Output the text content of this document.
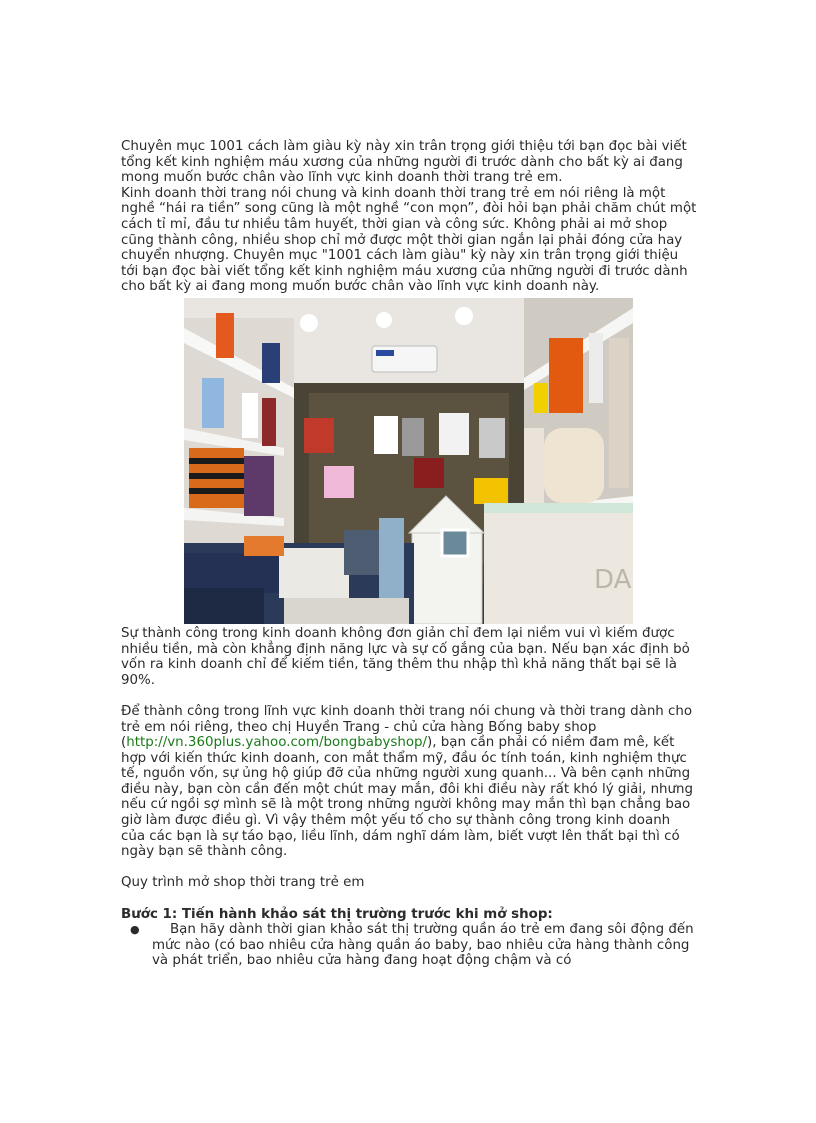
Chuyên mục 1001 cách làm giàu kỳ này xin trân trọng giới thiệu tới bạn đọc bài viết tổng kết kinh nghiệm máu xương của những người đi trước dành cho bất kỳ ai đang mong muốn bước chân vào lĩnh vực kinh doanh thời trang trẻ em.

Kinh doanh thời trang nói chung và kinh doanh thời trang trẻ em nói riêng là một nghề “hái ra tiền” song cũng là một nghề “con mọn”, đòi hỏi bạn phải chăm chút một cách tỉ mỉ, đầu tư nhiều tâm huyết, thời gian và công sức. Không phải ai mở shop cũng thành công, nhiều shop chỉ mở được một thời gian ngắn lại phải đóng cửa hay chuyển nhượng. Chuyên mục "1001 cách làm giàu" kỳ này xin trân trọng giới thiệu tới bạn đọc bài viết tổng kết kinh nghiệm máu xương của những người đi trước dành cho bất kỳ ai đang mong muốn bước chân vào lĩnh vực kinh doanh này.

DA

Sự thành công trong kinh doanh không đơn giản chỉ đem lại niềm vui vì kiếm được nhiều tiền, mà còn khẳng định năng lực và sự cố gắng của bạn. Nếu bạn xác định bỏ vốn ra kinh doanh chỉ để kiếm tiền, tăng thêm thu nhập thì khả năng thất bại sẽ là 90%.

Để thành công trong lĩnh vực kinh doanh thời trang nói chung và thời trang dành cho trẻ em nói riêng, theo chị Huyền Trang - chủ cửa hàng Bống baby shop (http://vn.360plus.yahoo.com/bongbabyshop/), bạn cần phải có niềm đam mê, kết hợp với kiến thức kinh doanh, con mắt thẩm mỹ, đầu óc tính toán, kinh nghiệm thực tế, nguồn vốn, sự ủng hộ giúp đỡ của những người xung quanh... Và bên cạnh những điều này, bạn còn cần đến một chút may mắn, đôi khi điều này rất khó lý giải, nhưng nếu cứ ngồi sợ mình sẽ là một trong những người không may mắn thì bạn chẳng bao giờ làm được điều gì. Vì vậy thêm một yếu tố cho sự thành công trong kinh doanh của các bạn là sự táo bạo, liều lĩnh, dám nghĩ dám làm, biết vượt lên thất bại thì có ngày bạn sẽ thành công.

Quy trình mở shop thời trang trẻ em

Bước 1: Tiến hành khảo sát thị trường trước khi mở shop:

● Bạn hãy dành thời gian khảo sát thị trường quần áo trẻ em đang sôi động đến mức nào (có bao nhiêu cửa hàng quần áo baby, bao nhiêu cửa hàng thành công và phát triển, bao nhiêu cửa hàng đang hoạt động chậm và có
